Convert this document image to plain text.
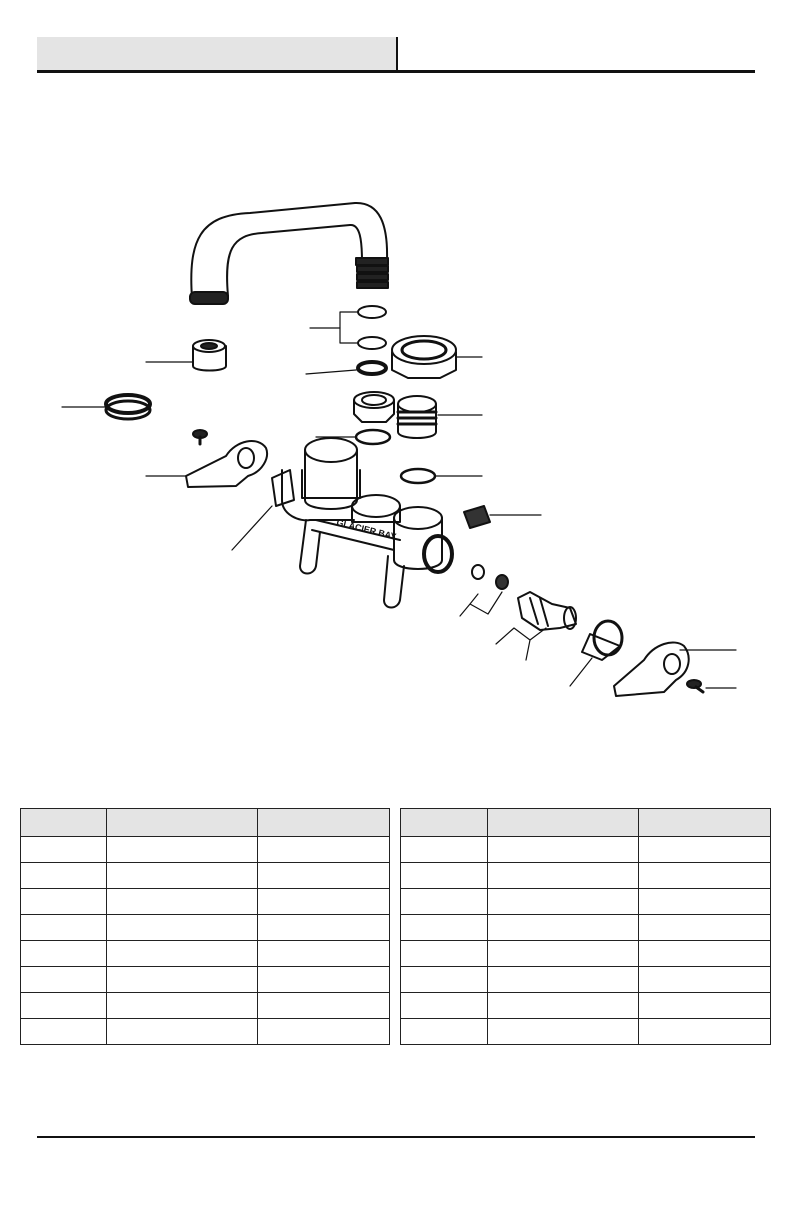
GLACIER BAY
